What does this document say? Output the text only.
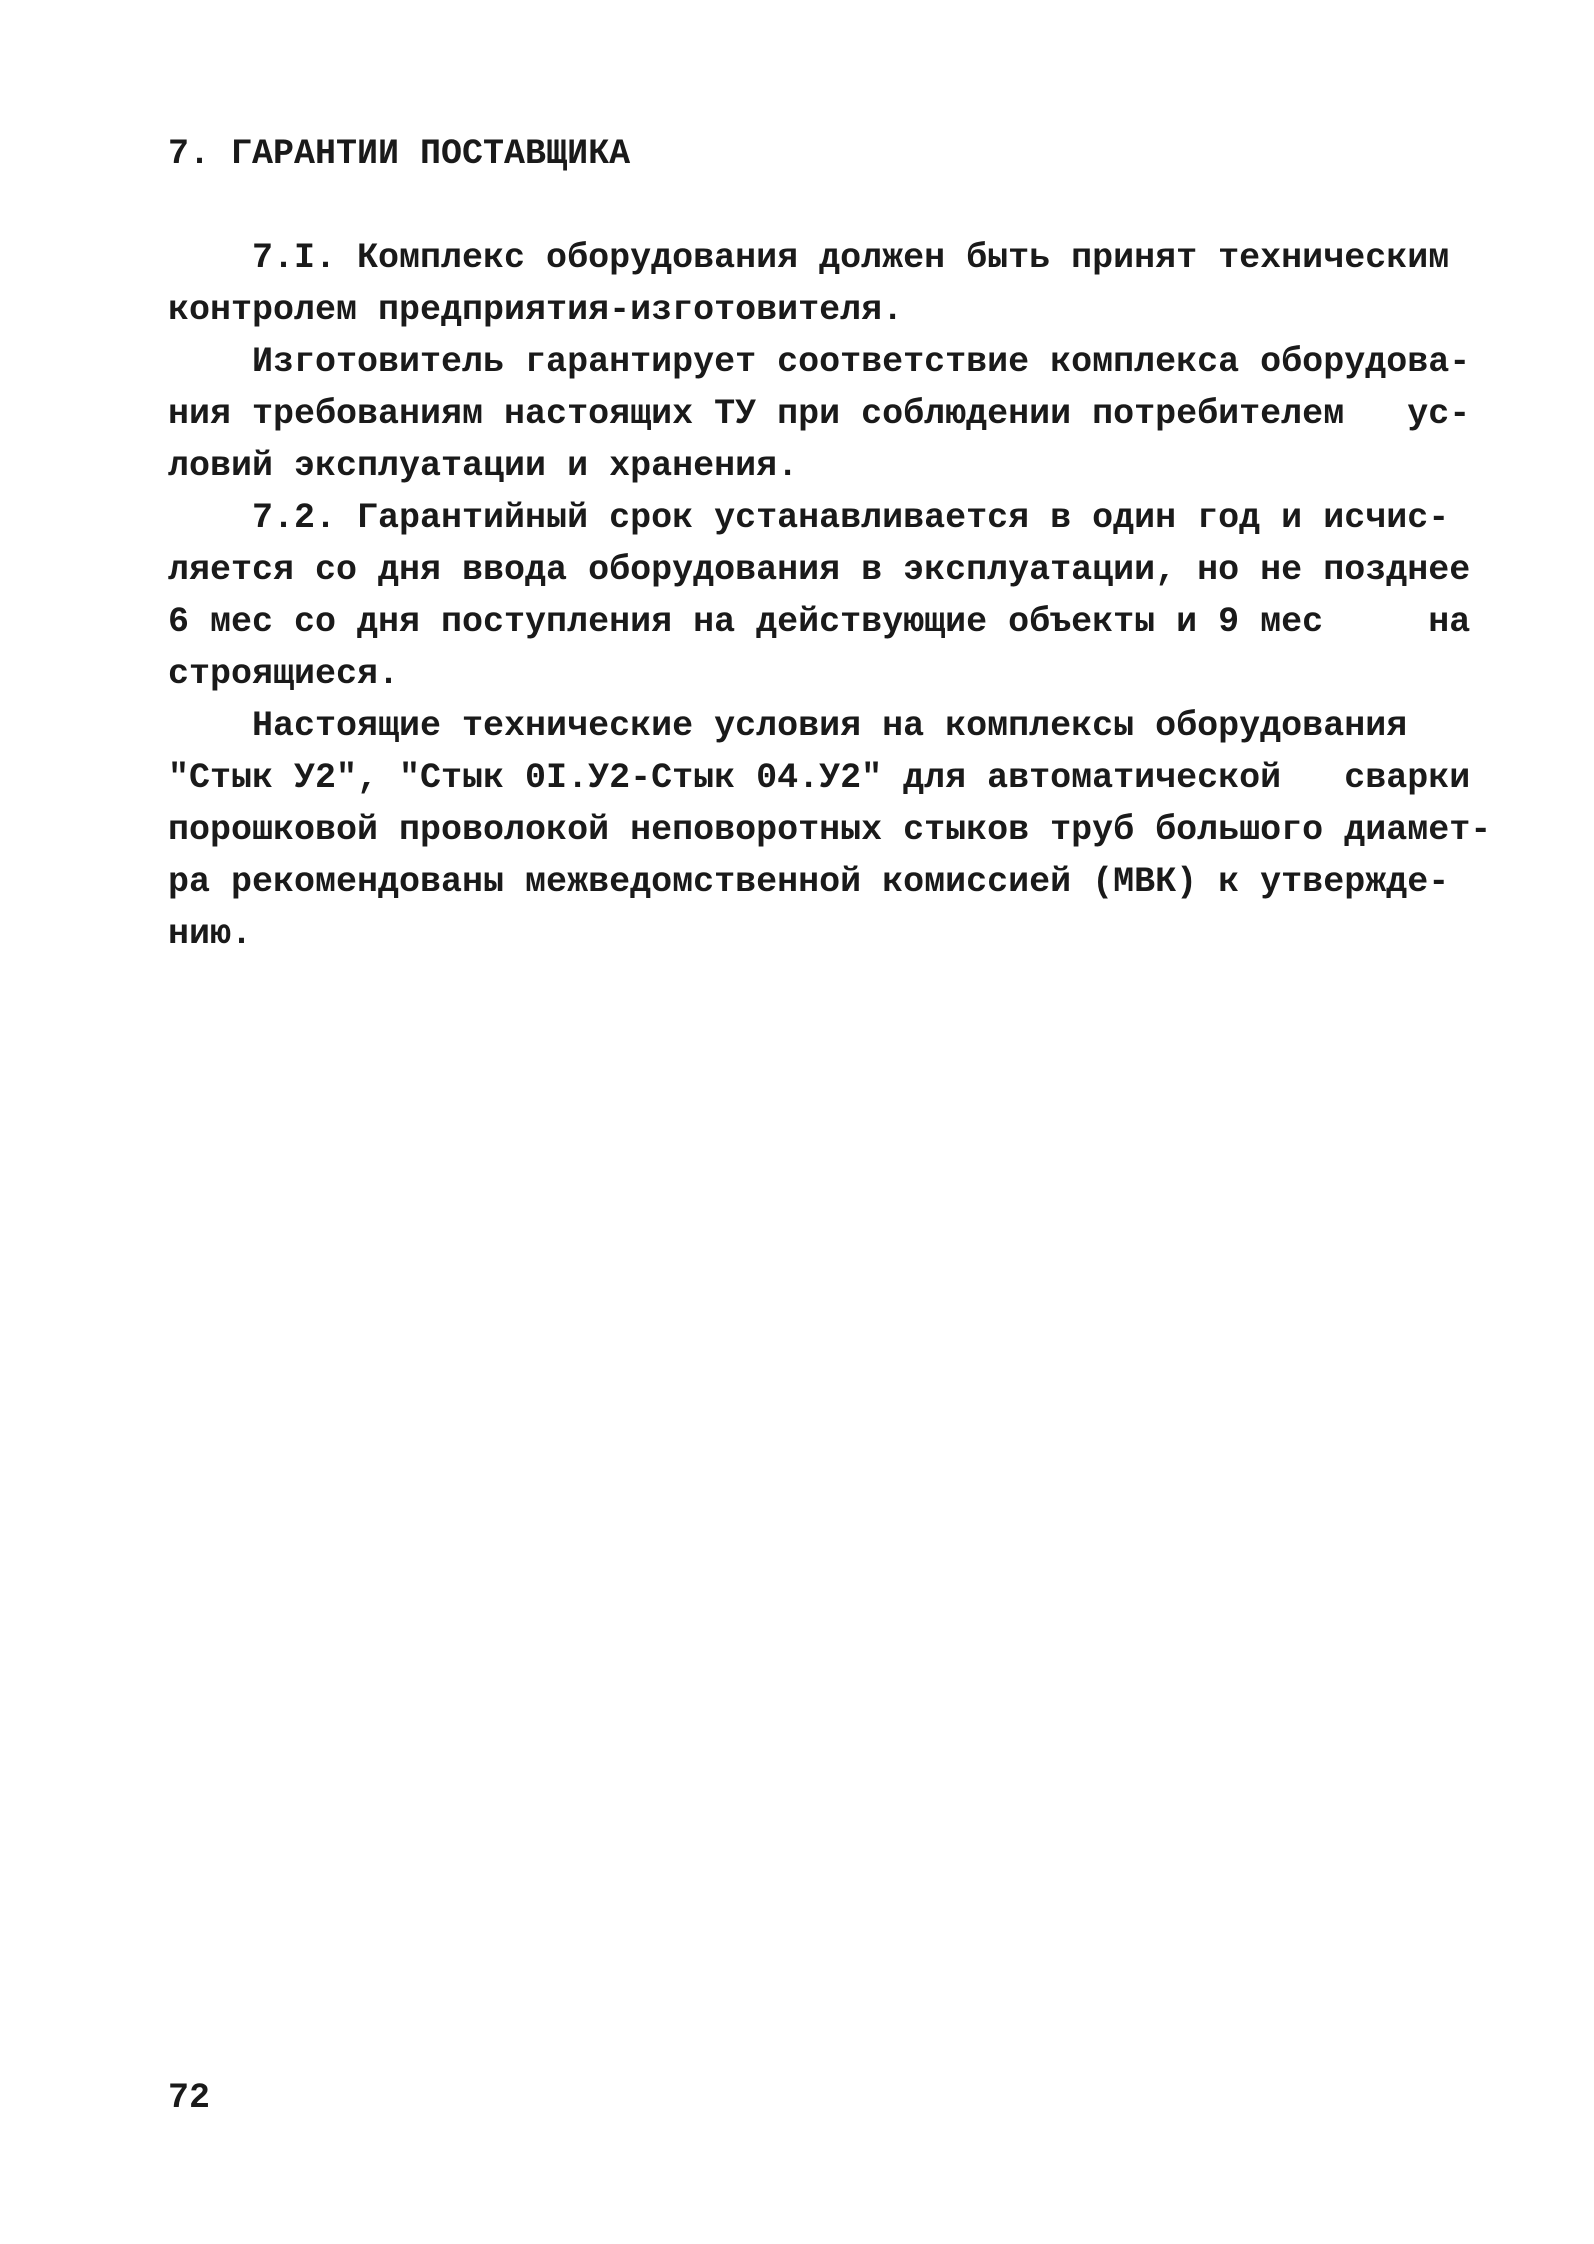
7. ГАРАНТИИ ПОСТАВЩИКА
7.I. Комплекс оборудования должен быть принят техническим
контролем предприятия-изготовителя.
Изготовитель гарантирует соответствие комплекса оборудова-
ния требованиям настоящих ТУ при соблюдении потребителем   ус-
ловий эксплуатации и хранения.
7.2. Гарантийный срок устанавливается в один год и исчис-
ляется со дня ввода оборудования в эксплуатации, но не позднее
6 мес со дня поступления на действующие объекты и 9 мес     на
строящиеся.
Настоящие технические условия на комплексы оборудования
"Стык У2", "Стык 0I.У2-Стык 04.У2" для автоматической   сварки
порошковой проволокой неповоротных стыков труб большого диамет-
ра рекомендованы межведомственной комиссией (МВК) к утвержде-
нию.
72
